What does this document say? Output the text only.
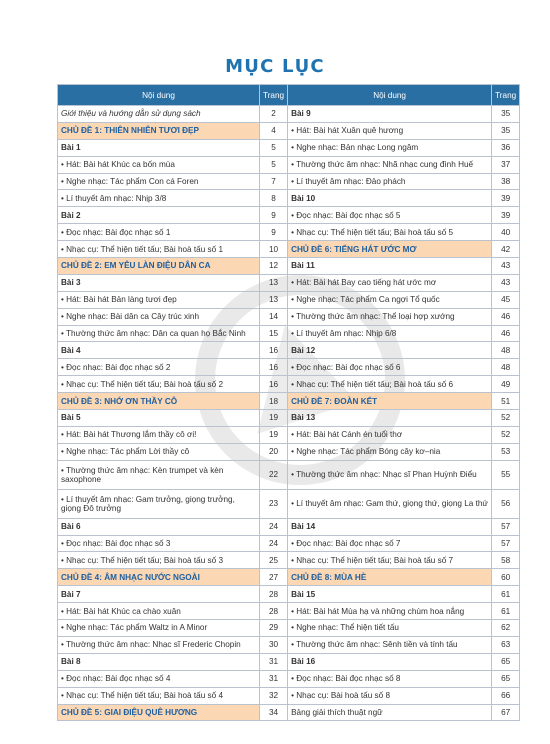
MỤC LỤC
Nội dung	Trang	Nội dung	Trang
Giới thiệu và hướng dẫn sử dụng sách	2	Bài 9	35
CHỦ ĐỀ 1: THIÊN NHIÊN TƯƠI ĐẸP	4	• Hát: Bài hát Xuân quê hương	35
Bài 1	5	• Nghe nhạc: Bản nhạc Long ngâm	36
• Hát: Bài hát Khúc ca bốn mùa	5	• Thường thức âm nhạc: Nhã nhạc cung đình Huế	37
• Nghe nhạc: Tác phẩm Con cá Foren	7	• Lí thuyết âm nhạc: Đảo phách	38
• Lí thuyết âm nhạc: Nhịp 3/8	8	Bài 10	39
Bài 2	9	• Đọc nhạc: Bài đọc nhạc số 5	39
• Đọc nhạc: Bài đọc nhạc số 1	9	• Nhạc cụ: Thể hiện tiết tấu; Bài hoà tấu số 5	40
• Nhạc cụ: Thể hiện tiết tấu; Bài hoà tấu số 1	10	CHỦ ĐỀ 6: TIẾNG HÁT ƯỚC MƠ	42
CHỦ ĐỀ 2: EM YÊU LÀN ĐIỆU DÂN CA	12	Bài 11	43
Bài 3	13	• Hát: Bài hát Bay cao tiếng hát ước mơ	43
• Hát: Bài hát Bản làng tươi đẹp	13	• Nghe nhạc: Tác phẩm Ca ngợi Tổ quốc	45
• Nghe nhạc: Bài dân ca Cây trúc xinh	14	• Thường thức âm nhạc: Thể loại hợp xướng	46
• Thường thức âm nhạc: Dân ca quan họ Bắc Ninh	15	• Lí thuyết âm nhạc: Nhịp 6/8	46
Bài 4	16	Bài 12	48
• Đọc nhạc: Bài đọc nhạc số 2	16	• Đọc nhạc: Bài đọc nhạc số 6	48
• Nhạc cụ: Thể hiện tiết tấu; Bài hoà tấu số 2	16	• Nhạc cụ: Thể hiện tiết tấu; Bài hoà tấu số 6	49
CHỦ ĐỀ 3: NHỚ ƠN THẦY CÔ	18	CHỦ ĐỀ 7: ĐOÀN KẾT	51
Bài 5	19	Bài 13	52
• Hát: Bài hát Thương lắm thầy cô ơi!	19	• Hát: Bài hát Cánh én tuổi thơ	52
• Nghe nhạc: Tác phẩm Lời thầy cô	20	• Nghe nhạc: Tác phẩm Bóng cây kơ–nia	53
• Thường thức âm nhạc: Kèn trumpet và kèn saxophone	22	• Thường thức âm nhạc: Nhạc sĩ Phan Huỳnh Điểu	55
• Lí thuyết âm nhạc: Gam trưởng, giọng trưởng, giọng Đô trưởng	23	• Lí thuyết âm nhạc: Gam thứ, giọng thứ, giọng La thứ	56
Bài 6	24	Bài 14	57
• Đọc nhạc: Bài đọc nhạc số 3	24	• Đọc nhạc: Bài đọc nhạc số 7	57
• Nhạc cụ: Thể hiện tiết tấu; Bài hoà tấu số 3	25	• Nhạc cụ: Thể hiện tiết tấu; Bài hoà tấu số 7	58
CHỦ ĐỀ 4: ÂM NHẠC NƯỚC NGOÀI	27	CHỦ ĐỀ 8: MÙA HÈ	60
Bài 7	28	Bài 15	61
• Hát: Bài hát Khúc ca chào xuân	28	• Hát: Bài hát Mùa hạ và những chùm hoa nắng	61
• Nghe nhạc: Tác phẩm Waltz in A Minor	29	• Nghe nhạc: Thể hiện tiết tấu	62
• Thường thức âm nhạc: Nhạc sĩ Frederic Chopin	30	• Thường thức âm nhạc: Sênh tiền và tính tấu	63
Bài 8	31	Bài 16	65
• Đọc nhạc: Bài đọc nhạc số 4	31	• Đọc nhạc: Bài đọc nhạc số 8	65
• Nhạc cụ: Thể hiện tiết tấu; Bài hoà tấu số 4	32	• Nhạc cụ: Bài hoà tấu số 8	66
CHỦ ĐỀ 5: GIAI ĐIỆU QUÊ HƯƠNG	34	Bảng giải thích thuật ngữ	67
